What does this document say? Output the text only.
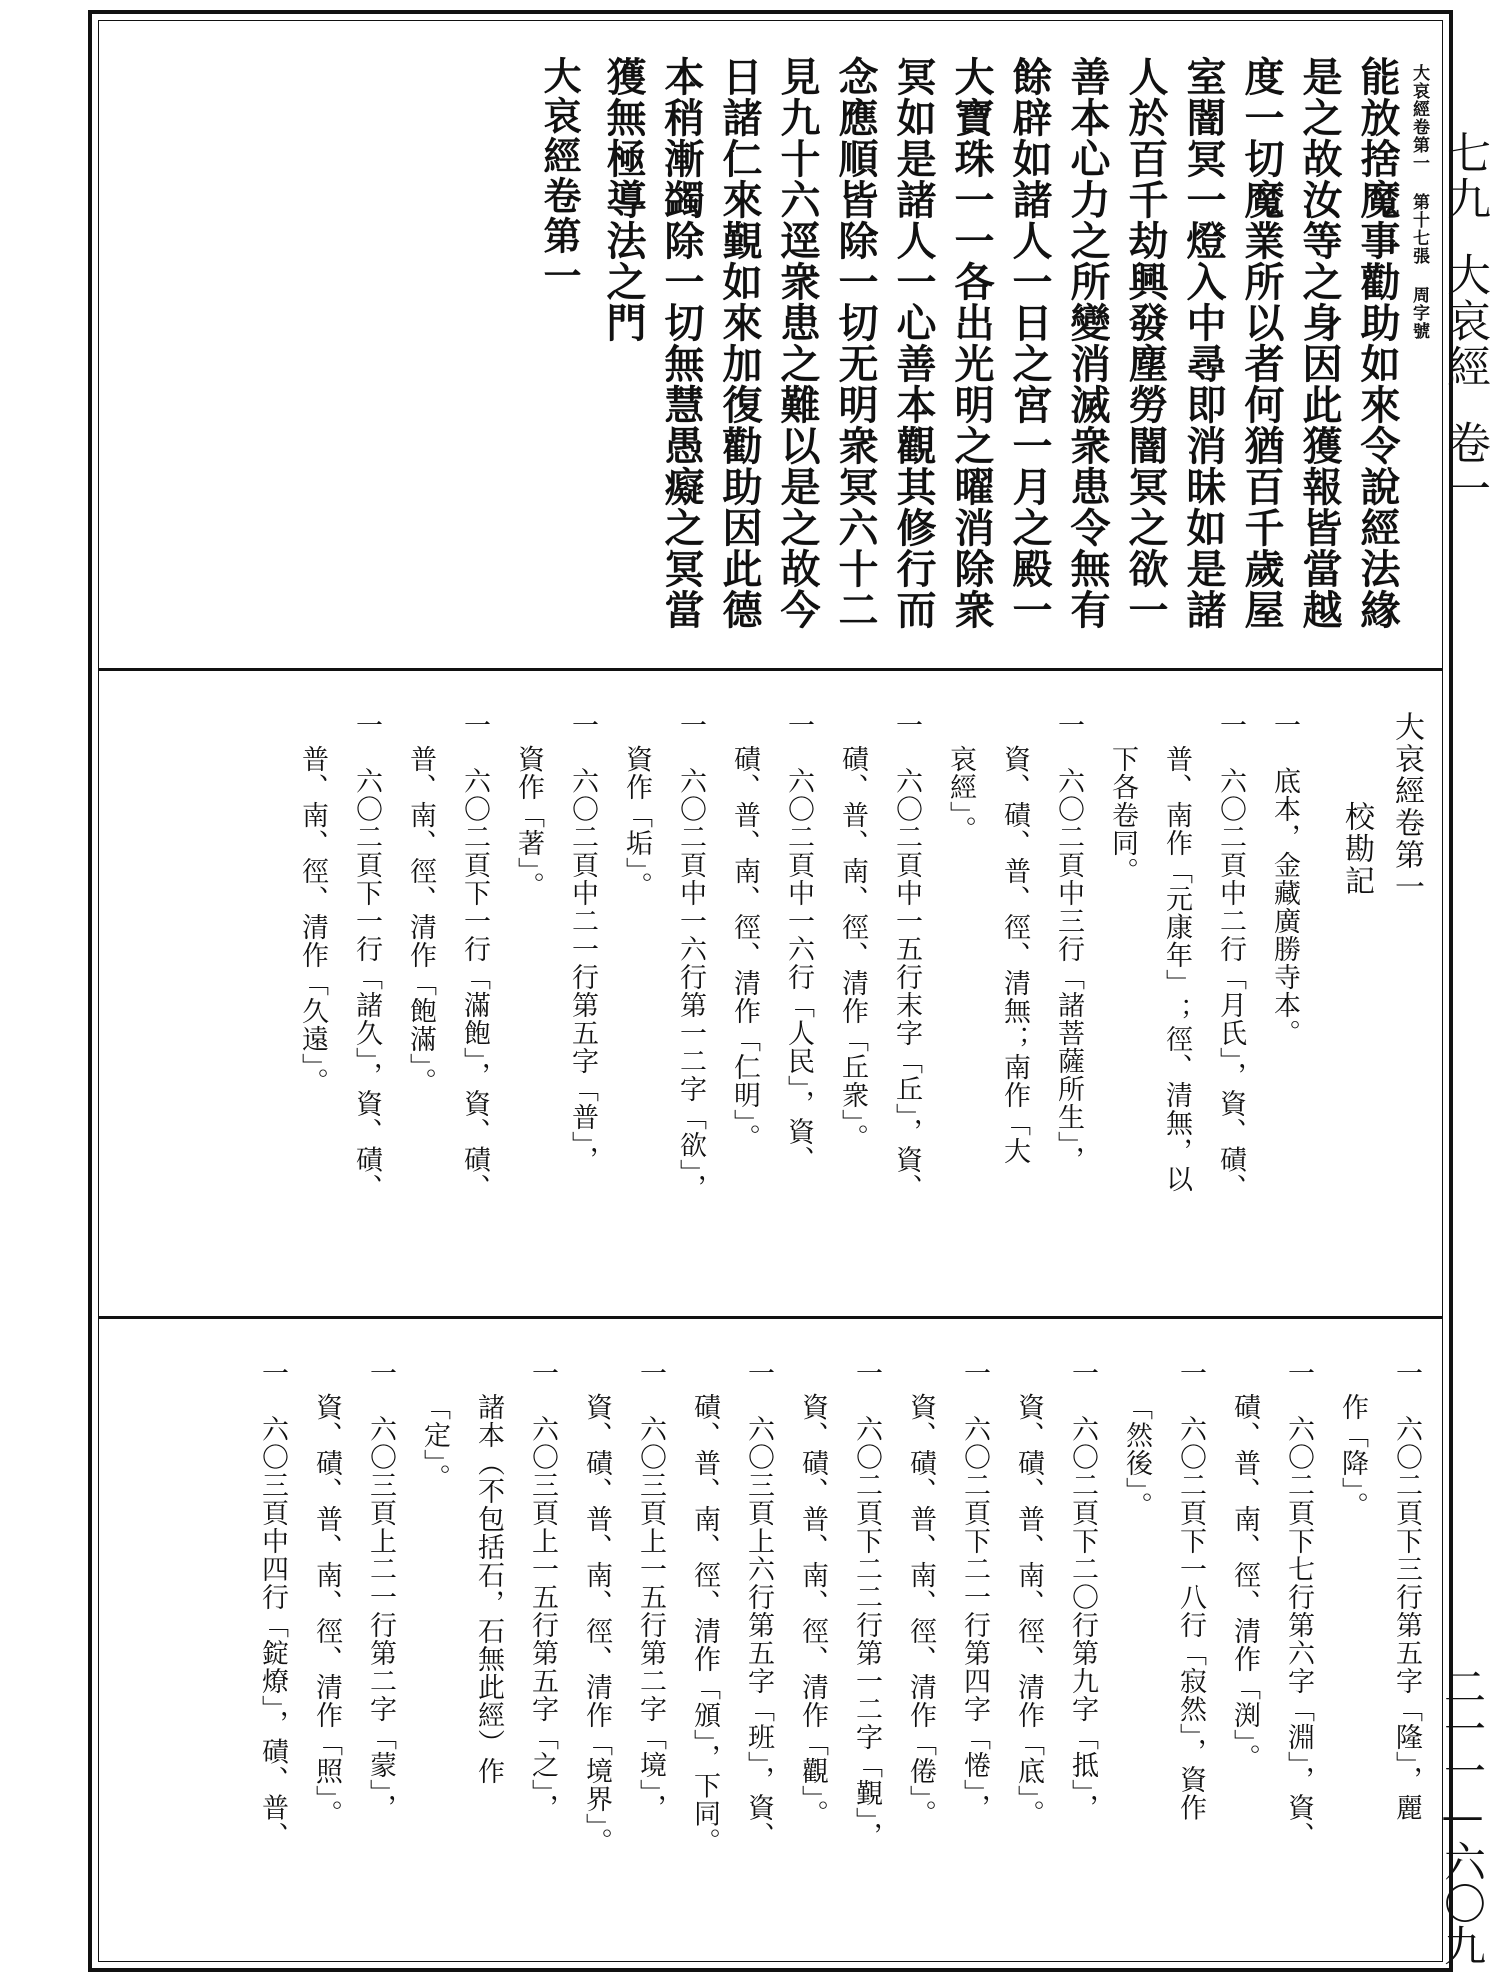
七九大哀經卷一
二一一—六〇九
大哀經卷第一 第十七張 周字號
能放捨魔事勸助如來令說經法緣
是之故汝等之身因此獲報皆當越
度一切魔業所以者何猶百千歲屋
室闇冥一燈入中尋即消昧如是諸
人於百千劫興發塵勞闇冥之欲一
善本心力之所變消滅衆患令無有
餘辟如諸人一日之宮一月之殿一
大寶珠一一各出光明之曜消除衆
冥如是諸人一心善本觀其修行而
念應順皆除一切无明衆冥六十二
見九十六逕衆患之難以是之故今
日諸仁來覲如來加復勸助因此德
本稍漸蠲除一切無慧愚癡之冥當
獲無極導法之門
大哀經卷第一
大哀經卷第一
校勘記
一　底本，金藏廣勝寺本。
一　六〇二頁中二行「月氏」，資、磧、
普、南作「元康年」；徑、清無，以
下各卷同。
一　六〇二頁中三行「諸菩薩所生」，
資、磧、普、徑、清無；南作「大
哀經」。
一　六〇二頁中一五行末字「丘」，資、
磧、普、南、徑、清作「丘衆」。
一　六〇二頁中一六行「人民」，資、
磧、普、南、徑、清作「仁明」。
一　六〇二頁中一六行第一二字「欲」，
資作「垢」。
一　六〇二頁中二一行第五字「普」，
資作「著」。
一　六〇二頁下一行「滿飽」，資、磧、
普、南、徑、清作「飽滿」。
一　六〇二頁下一行「諸久」，資、磧、
普、南、徑、清作「久遠」。
一　六〇二頁下三行第五字「隆」，麗
作「降」。
一　六〇二頁下七行第六字「淵」，資、
磧、普、南、徑、清作「渕」。
一　六〇二頁下一八行「寂然」，資作
「然後」。
一　六〇二頁下二〇行第九字「抵」，
資、磧、普、南、徑、清作「底」。
一　六〇二頁下二一行第四字「惓」，
資、磧、普、南、徑、清作「倦」。
一　六〇二頁下二二行第一二字「覲」，
資、磧、普、南、徑、清作「觀」。
一　六〇三頁上六行第五字「班」，資、
磧、普、南、徑、清作「頒」，下同。
一　六〇三頁上一五行第二字「境」，
資、磧、普、南、徑、清作「境界」。
一　六〇三頁上一五行第五字「之」，
諸本（不包括石，石無此經）作
「定」。
一　六〇三頁上二一行第二字「蒙」，
資、磧、普、南、徑、清作「照」。
一　六〇三頁中四行「錠燎」，磧、普、
